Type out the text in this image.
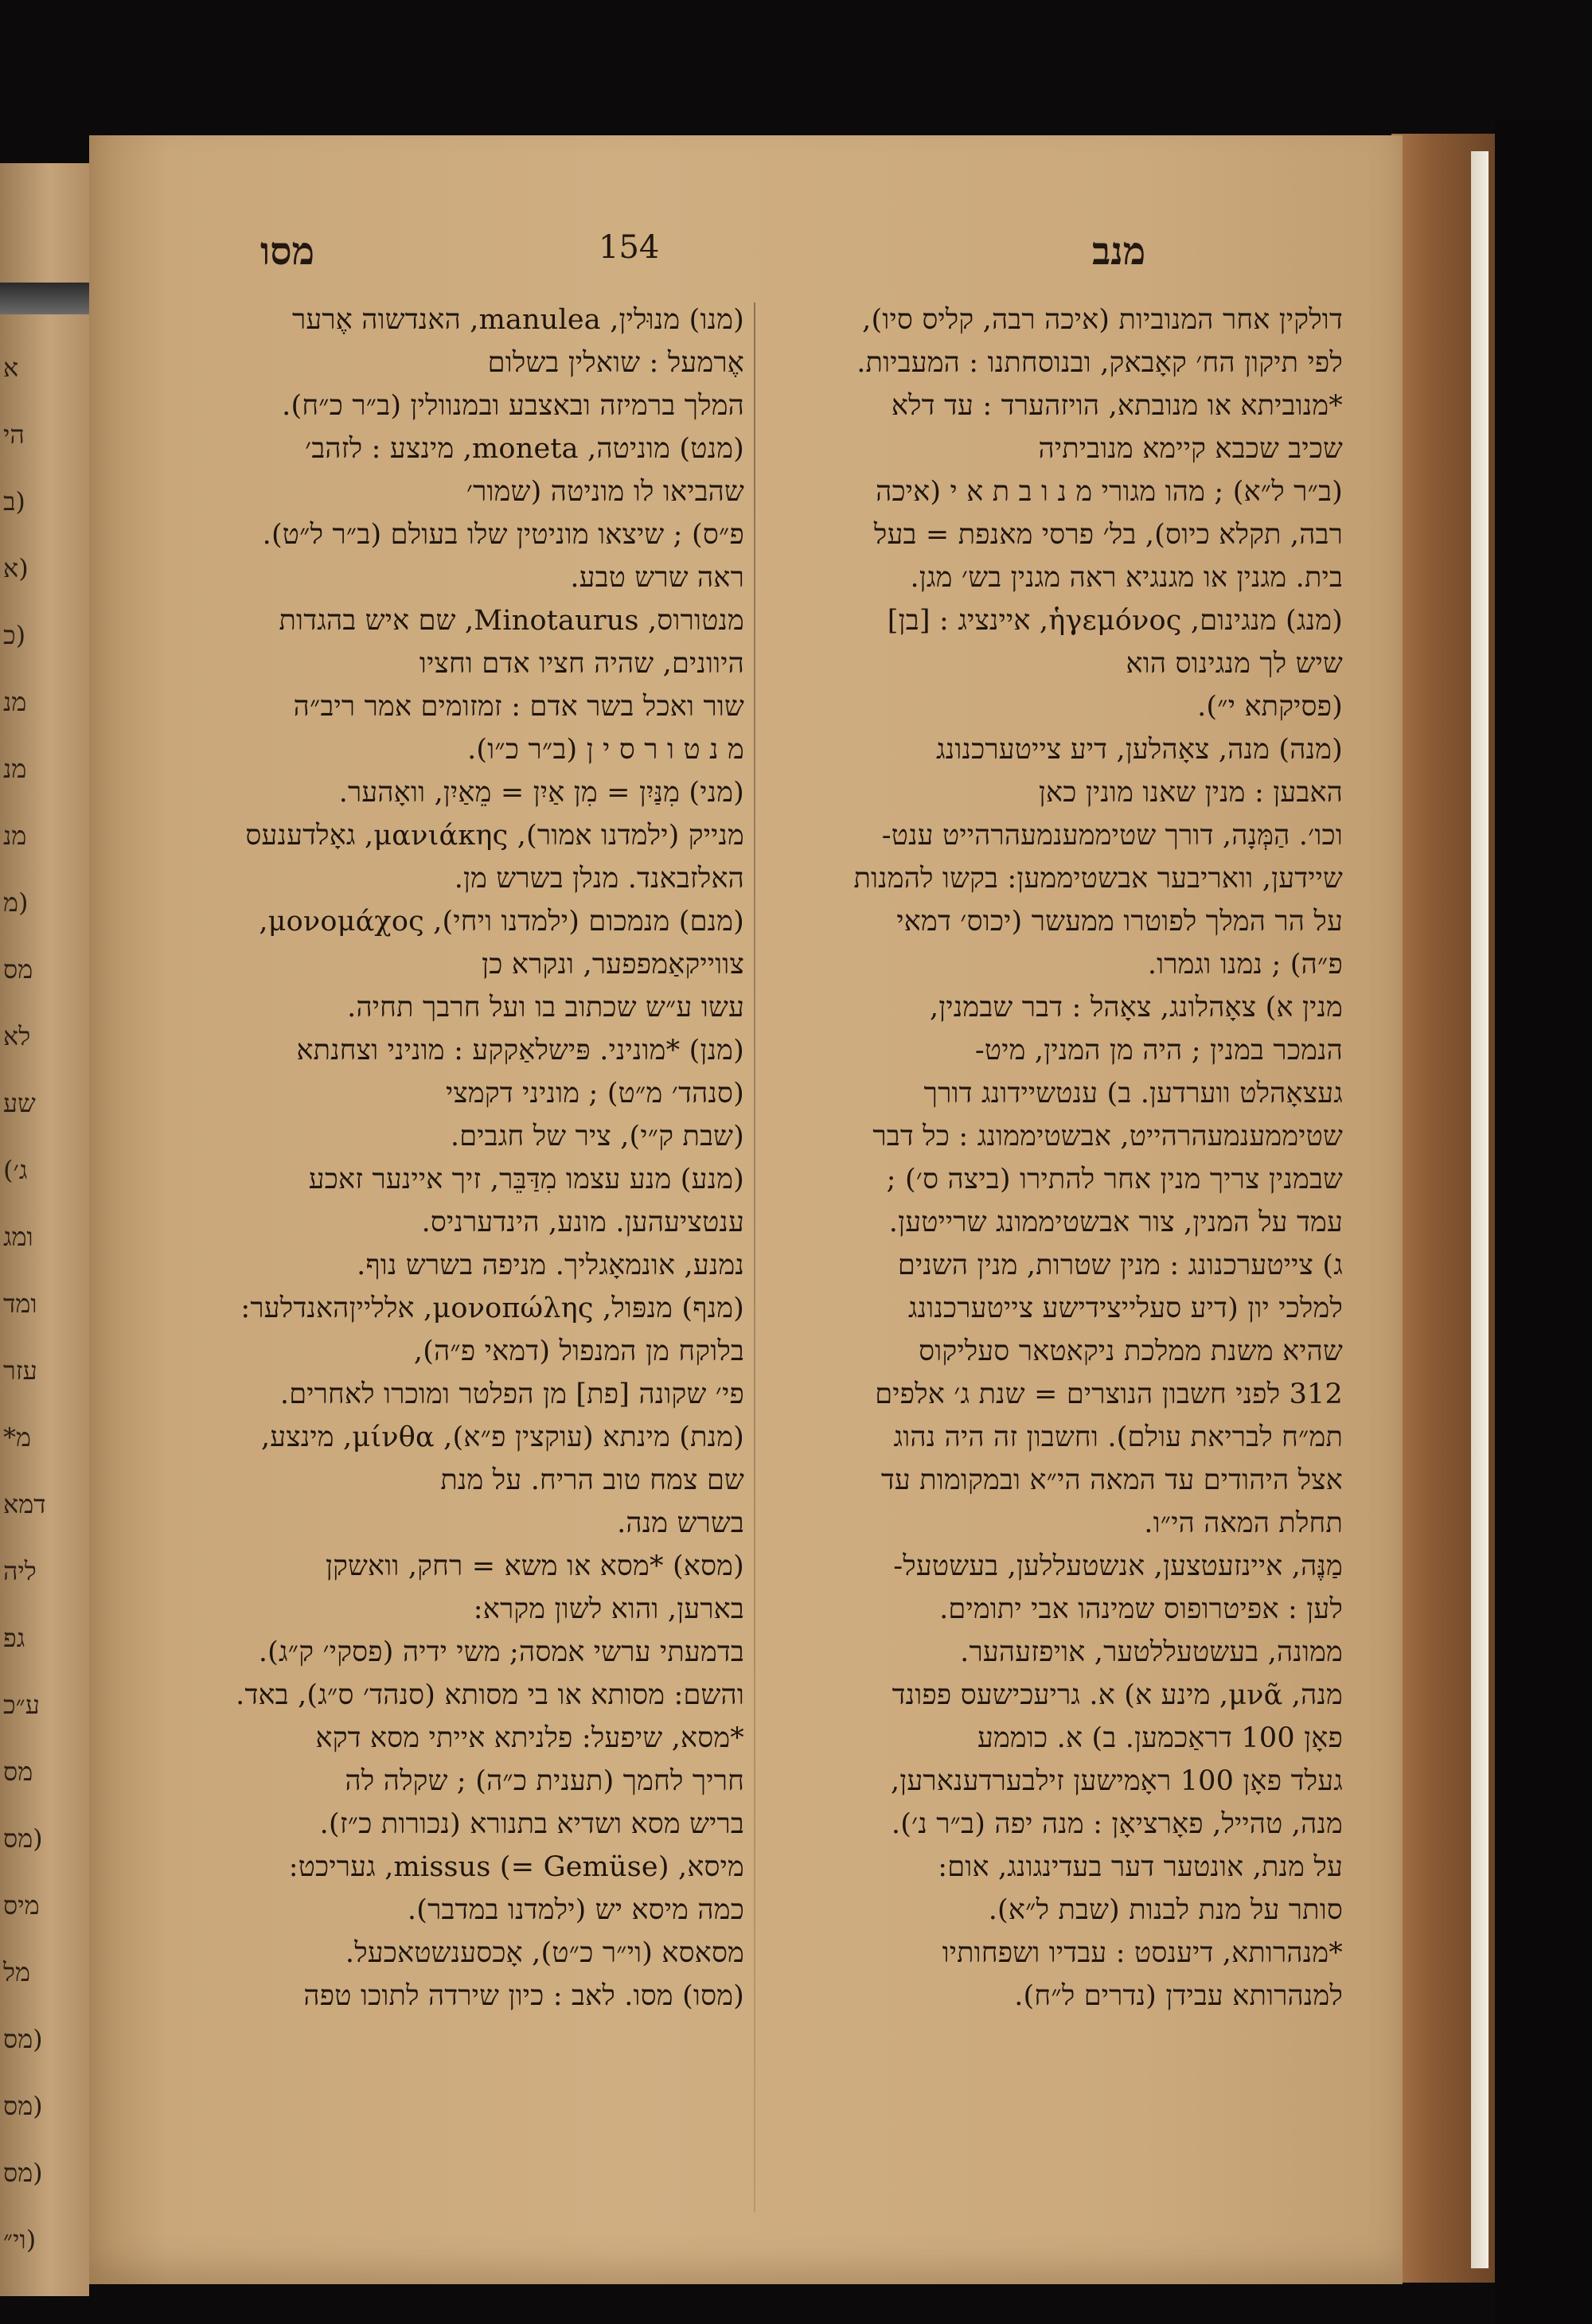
א
הי
(ב
(א
(כ
מנ
מנ
מנ
(מ
מס
לא
שע
ג׳)
ומג
ומד
עזר
מ*
דמא
ליה
גפ
ע״כ
מס
(מס
מיס
מל
(מס
(מס
(מס
(וי״
מסו	154	מנב
(מנו) מנוּלין, manulea, האנדשוה אֶרער
אֶרמעל : שואלין בשלום
המלך ברמיזה ובאצבע ובמנוולין (ב״ר כ״ח).
(מנט) מוניטה, moneta, מינצע : לזהב׳
שהביאו לו מוניטה (שמור׳
פ״ס) ; שיצאו מוניטין שלו בעולם (ב״ר ל״ט).
ראה שרש טבע.
מנטורוס, Minotaurus, שם איש בהגדות
היוונים, שהיה חציו אדם וחציו
שור ואכל בשר אדם : זמזומים אמר ריב״ה
מ נ ט ו ר ס י ן (ב״ר כ״ו).
(מני) מִנַּיִן = מִן אַיִן = מֵאַיִן, וואָהער.
מנייק (ילמדנו אמור), μανιάκης, גאָלדענעס
האלזבאנד. מנלן בשרש מן.
(מנם) מנמכום (ילמדנו ויחי), μονομάχος,
צווייקאַמפפער, ונקרא כן
עשו ע״ש שכתוב בו ועל חרבך תחיה.
(מנן) *מוניני. פּישלאַקקע : מוניני וצחנתא
(סנהד׳ מ״ט) ; מוניני דקמצי
(שבת ק״י), ציר של חגבים.
(מנע) מנע עצמו מִדַּבֵּר, זיך איינער זאכע
ענטציעהען. מונע, הינדערניס.
נמנע, אונמאָגליך. מניפה בשרש נוף.
(מנף) מנפּול, μονοπώλης, אללייןהאנדלער:
בלוקח מן המנפול (דמאי פ״ה),
פי׳ שקונה [פת] מן הפלטר ומוכרו לאחרים.
(מנת) מינתא (עוקצין פ״א), μίνθα, מינצע,
שם צמח טוב הריח. על מנת
בשרש מנה.
(מסא) *מסא או משא = רחק, וואשקן
בארען, והוא לשון מקרא:
בדמעתי ערשי אמסה; משי ידיה (פסקי׳ ק״ג).
והשם: מסותא או בי מסותא (סנהד׳ ס״ג), באד.
*מסא, שיפעל: פלניתא אייתי מסא דקא
חריך לחמך (תענית כ״ה) ; שקלה לה
בריש מסא ושדיא בתנורא (נכורות כ״ז).
מיסא, missus (= Gemüse), געריכט:
כמה מיסא יש (ילמדנו במדבר).
מסאסא (וי״ר כ״ט), אָכסענשטאכעל.
(מסו) מסו. לאב : כיון שירדה לתוכו טפה
דולקין אחר המנוביות (איכה רבה, קליס סיו),
לפי תיקון הח׳ קאָבאק, ובנוסחתנו : המעביות.
*מנוביתא או מנובתא, הויזהערד : עד דלא
שכיב שכבא קיימא מנוביתיה
(ב״ר ל״א) ; מהו מגורי מ נ ו ב ת א י (איכה
רבה, תקלא כיוס), בל׳ פרסי מאנפת = בעל
בית. מגנין או מגנגיא ראה מגנין בש׳ מגן.
(מנג) מנגינום, ἡγεμόνος, איינציג : [בן]
שיש לך מנגינוס הוא
(פסיקתא י״).
(מנה) מנה, צאָהלען, דיע צייטערכנונג
האבען : מנין שאנו מונין כאן
וכו׳. הַמְּנָה, דורך שטיממענמעהרהייט ענט-
שיידען, וואריבער אבשטיממען: בקשו להמנות
על הר המלך לפוטרו ממעשר (יכוס׳ דמאי
פ״ה) ; נמנו וגמרו.
מנין א) צאָהלונג, צאָהל : דבר שבמנין,
הנמכר במנין ; היה מן המנין, מיט-
געצאָהלט ווערדען. ב) ענטשיידונג דורך
שטיממענמעהרהייט, אבשטיממונג : כל דבר
שבמנין צריך מנין אחר להתירו (ביצה ס׳) ;
עמד על המנין, צור אבשטיממונג שרייטען.
ג) צייטערכנונג : מנין שטרות, מנין השנים
למלכי יון (דיע סעלייצידישע צייטערכנונג
שהיא משנת ממלכת ניקאטאר סעליקוס
312 לפני חשבון הנוצרים = שנת ג׳ אלפים
תמ״ח לבריאת עולם). וחשבון זה היה נהוג
אצל היהודים עד המאה הי״א ובמקומות עד
תחלת המאה הי״ו.
מַנֶּה, איינזעטצען, אנשטעללען, בעשטעל-
לען : אפיטרופוס שמינהו אבי יתומים.
ממונה, בעשטעללטער, אויפזעהער.
מנה, μνᾶ, מינע א) א. גריעכישעס פפונד
פאָן 100 דראַכמען. ב) א. כוממע
געלד פאָן 100 ראָמישען זילבערדענארען,
מנה, טהייל, פאָרציאָן : מנה יפה (ב״ר נ׳).
על מנת, אונטער דער בעדינגונג, אום:
סותר על מנת לבנות (שבת ל״א).
*מנהרותא, דיענסט : עבדיו ושפחותיו
למנהרותא עבידן (נדרים ל״ח).
